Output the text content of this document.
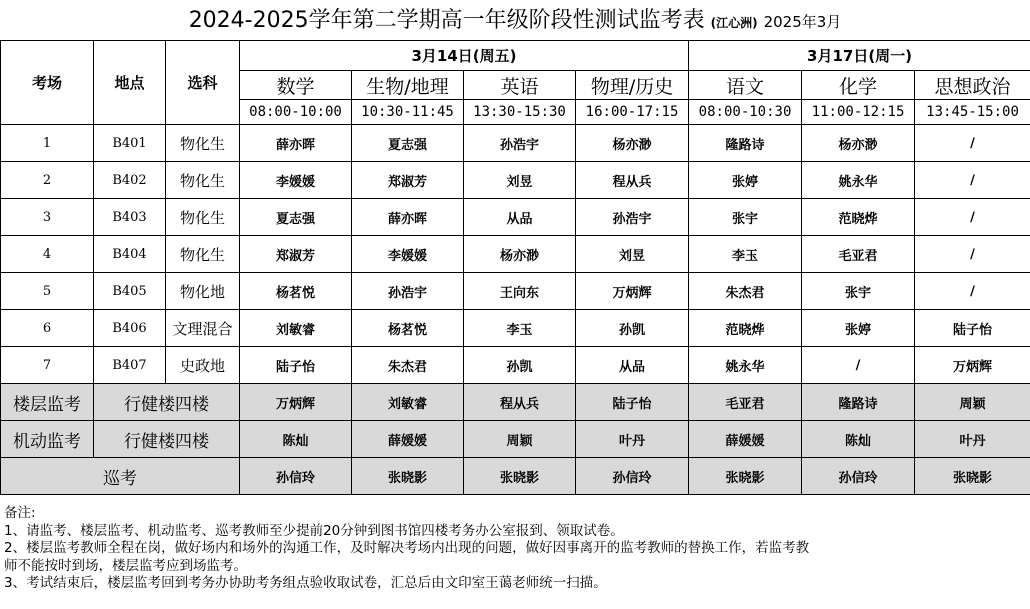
2024-2025学年第二学期高一年级阶段性测试监考表 (江心洲) 2025年3月
考场	地点	选科	3月14日(周五)				3月17日(周一)		
			数学	生物/地理	英语	物理/历史	语文	化学	思想政治
			08:00-10:00	10:30-11:45	13:30-15:30	16:00-17:15	08:00-10:30	11:00-12:15	13:45-15:00
1	B401	物化生	薛亦晖	夏志强	孙浩宇	杨亦渺	隆路诗	杨亦渺	/
2	B402	物化生	李媛媛	郑淑芳	刘昱	程从兵	张婷	姚永华	/
3	B403	物化生	夏志强	薛亦晖	从品	孙浩宇	张宇	范晓烨	/
4	B404	物化生	郑淑芳	李媛媛	杨亦渺	刘昱	李玉	毛亚君	/
5	B405	物化地	杨茗悦	孙浩宇	王向东	万炳辉	朱杰君	张宇	/
6	B406	文理混合	刘敏睿	杨茗悦	李玉	孙凯	范晓烨	张婷	陆子怡
7	B407	史政地	陆子怡	朱杰君	孙凯	从品	姚永华	/	万炳辉
楼层监考	行健楼四楼		万炳辉	刘敏睿	程从兵	陆子怡	毛亚君	隆路诗	周颖
机动监考	行健楼四楼		陈灿	薛媛媛	周颖	叶丹	薛媛媛	陈灿	叶丹
巡考			孙信玲	张晓影	张晓影	孙信玲	张晓影	孙信玲	张晓影
备注:
1、请监考、楼层监考、机动监考、巡考教师至少提前20分钟到图书馆四楼考务办公室报到、领取试卷。
2、楼层监考教师全程在岗，做好场内和场外的沟通工作，及时解决考场内出现的问题，做好因事离开的监考教师的替换工作，若监考教
师不能按时到场，楼层监考应到场监考。
3、考试结束后，楼层监考回到考务办协助考务组点验收取试卷，汇总后由文印室王蔼老师统一扫描。
